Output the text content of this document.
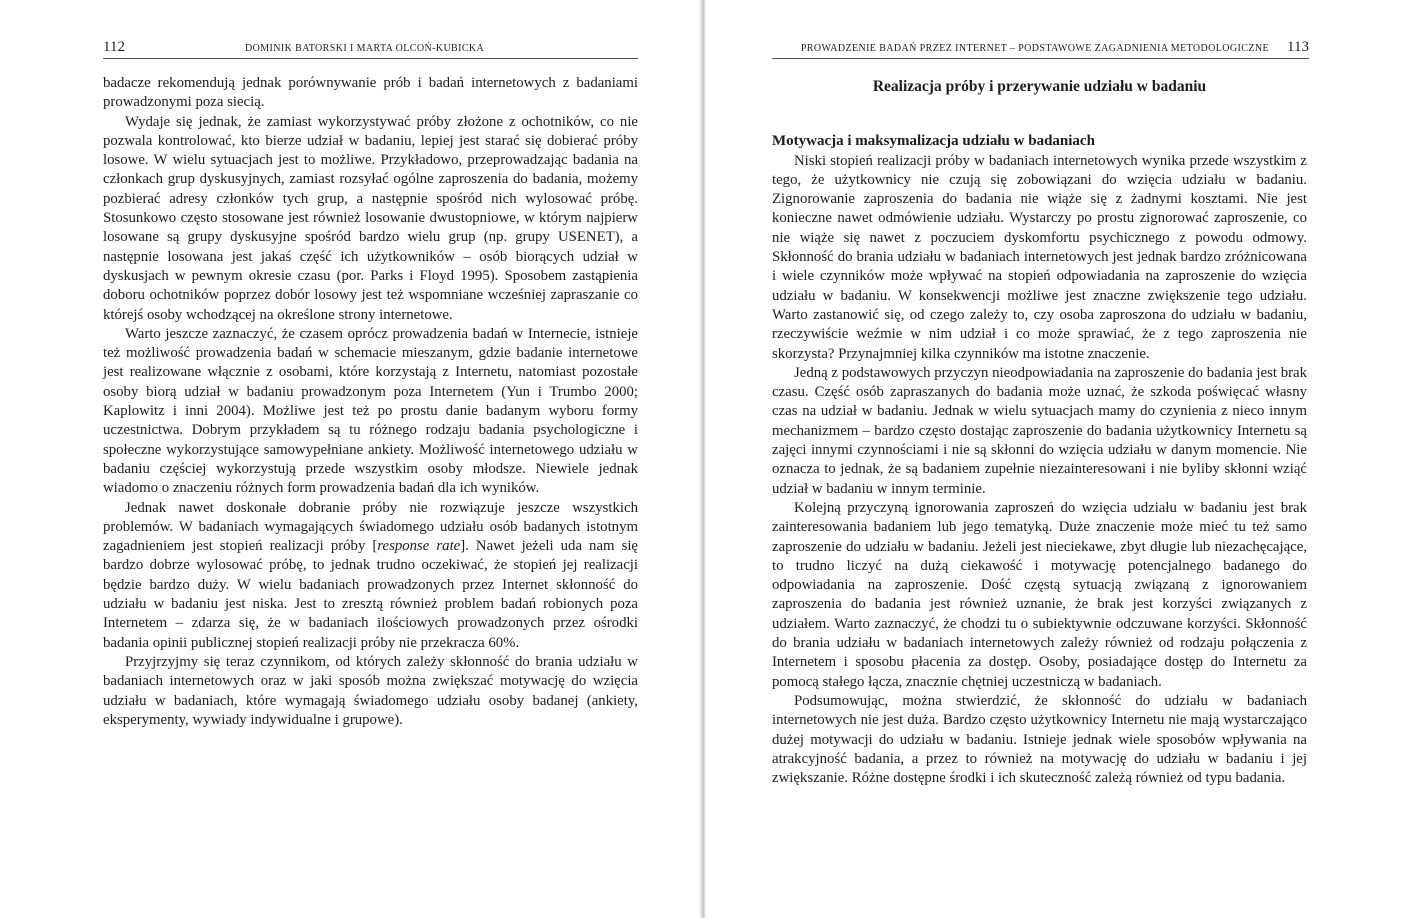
112	DOMINIK BATORSKI I MARTA OLCOŃ-KUBICKA

badacze rekomendują jednak porównywanie prób i badań internetowych z badaniami prowadzonymi poza siecią.

Wydaje się jednak, że zamiast wykorzystywać próby złożone z ochotników, co nie pozwala kontrolować, kto bierze udział w badaniu, lepiej jest starać się dobierać próby losowe. W wielu sytuacjach jest to możliwe. Przykładowo, przeprowadzając badania na członkach grup dyskusyjnych, zamiast rozsyłać ogólne zaproszenia do badania, możemy pozbierać adresy członków tych grup, a następnie spośród nich wylosować próbę. Stosunkowo często stosowane jest również losowanie dwustopniowe, w którym najpierw losowane są grupy dyskusyjne spośród bardzo wielu grup (np. grupy USENET), a następnie losowana jest jakaś część ich użytkowników – osób biorących udział w dyskusjach w pewnym okresie czasu (por. Parks i Floyd 1995). Sposobem zastąpienia doboru ochotników poprzez dobór losowy jest też wspomniane wcześniej zapraszanie co którejś osoby wchodzącej na określone strony internetowe.

Warto jeszcze zaznaczyć, że czasem oprócz prowadzenia badań w Internecie, istnieje też możliwość prowadzenia badań w schemacie mieszanym, gdzie badanie internetowe jest realizowane włącznie z osobami, które korzystają z Internetu, natomiast pozostałe osoby biorą udział w badaniu prowadzonym poza Internetem (Yun i Trumbo 2000; Kaplowitz i inni 2004). Możliwe jest też po prostu danie badanym wyboru formy uczestnictwa. Dobrym przykładem są tu różnego rodzaju badania psychologiczne i społeczne wykorzystujące samowypełniane ankiety. Możliwość internetowego udziału w badaniu częściej wykorzystują przede wszystkim osoby młodsze. Niewiele jednak wiadomo o znaczeniu różnych form prowadzenia badań dla ich wyników.

Jednak nawet doskonałe dobranie próby nie rozwiązuje jeszcze wszystkich problemów. W badaniach wymagających świadomego udziału osób badanych istotnym zagadnieniem jest stopień realizacji próby [response rate]. Nawet jeżeli uda nam się bardzo dobrze wylosować próbę, to jednak trudno oczekiwać, że stopień jej realizacji będzie bardzo duży. W wielu badaniach prowadzonych przez Internet skłonność do udziału w badaniu jest niska. Jest to zresztą również problem badań robionych poza Internetem – zdarza się, że w badaniach ilościowych prowadzonych przez ośrodki badania opinii publicznej stopień realizacji próby nie przekracza 60%.

Przyjrzyjmy się teraz czynnikom, od których zależy skłonność do brania udziału w badaniach internetowych oraz w jaki sposób można zwiększać motywację do wzięcia udziału w badaniach, które wymagają świadomego udziału osoby badanej (ankiety, eksperymenty, wywiady indywidualne i grupowe).

PROWADZENIE BADAŃ PRZEZ INTERNET – PODSTAWOWE ZAGADNIENIA METODOLOGICZNE 113
Realizacja próby i przerywanie udziału w badaniu
Motywacja i maksymalizacja udziału w badaniach

Niski stopień realizacji próby w badaniach internetowych wynika przede wszystkim z tego, że użytkownicy nie czują się zobowiązani do wzięcia udziału w badaniu. Zignorowanie zaproszenia do badania nie wiąże się z żadnymi kosztami. Nie jest konieczne nawet odmówienie udziału. Wystarczy po prostu zignorować zaproszenie, co nie wiąże się nawet z poczuciem dyskomfortu psychicznego z powodu odmowy. Skłonność do brania udziału w badaniach internetowych jest jednak bardzo zróżnicowana i wiele czynników może wpływać na stopień odpowiadania na zaproszenie do wzięcia udziału w badaniu. W konsekwencji możliwe jest znaczne zwiększenie tego udziału. Warto zastanowić się, od czego zależy to, czy osoba zaproszona do udziału w badaniu, rzeczywiście weźmie w nim udział i co może sprawiać, że z tego zaproszenia nie skorzysta? Przynajmniej kilka czynników ma istotne znaczenie.

Jedną z podstawowych przyczyn nieodpowiadania na zaproszenie do badania jest brak czasu. Część osób zapraszanych do badania może uznać, że szkoda poświęcać własny czas na udział w badaniu. Jednak w wielu sytuacjach mamy do czynienia z nieco innym mechanizmem – bardzo często dostając zaproszenie do badania użytkownicy Internetu są zajęci innymi czynnościami i nie są skłonni do wzięcia udziału w danym momencie. Nie oznacza to jednak, że są badaniem zupełnie niezainteresowani i nie byliby skłonni wziąć udział w badaniu w innym terminie.

Kolejną przyczyną ignorowania zaproszeń do wzięcia udziału w badaniu jest brak zainteresowania badaniem lub jego tematyką. Duże znaczenie może mieć tu też samo zaproszenie do udziału w badaniu. Jeżeli jest nieciekawe, zbyt długie lub niezachęcające, to trudno liczyć na dużą ciekawość i motywację potencjalnego badanego do odpowiadania na zaproszenie. Dość częstą sytuacją związaną z ignorowaniem zaproszenia do badania jest również uznanie, że brak jest korzyści związanych z udziałem. Warto zaznaczyć, że chodzi tu o subiektywnie odczuwane korzyści. Skłonność do brania udziału w badaniach internetowych zależy również od rodzaju połączenia z Internetem i sposobu płacenia za dostęp. Osoby, posiadające dostęp do Internetu za pomocą stałego łącza, znacznie chętniej uczestniczą w badaniach.

Podsumowując, można stwierdzić, że skłonność do udziału w badaniach internetowych nie jest duża. Bardzo często użytkownicy Internetu nie mają wystarczająco dużej motywacji do udziału w badaniu. Istnieje jednak wiele sposobów wpływania na atrakcyjność badania, a przez to również na motywację do udziału w badaniu i jej zwiększanie. Różne dostępne środki i ich skuteczność zależą również od typu badania.
